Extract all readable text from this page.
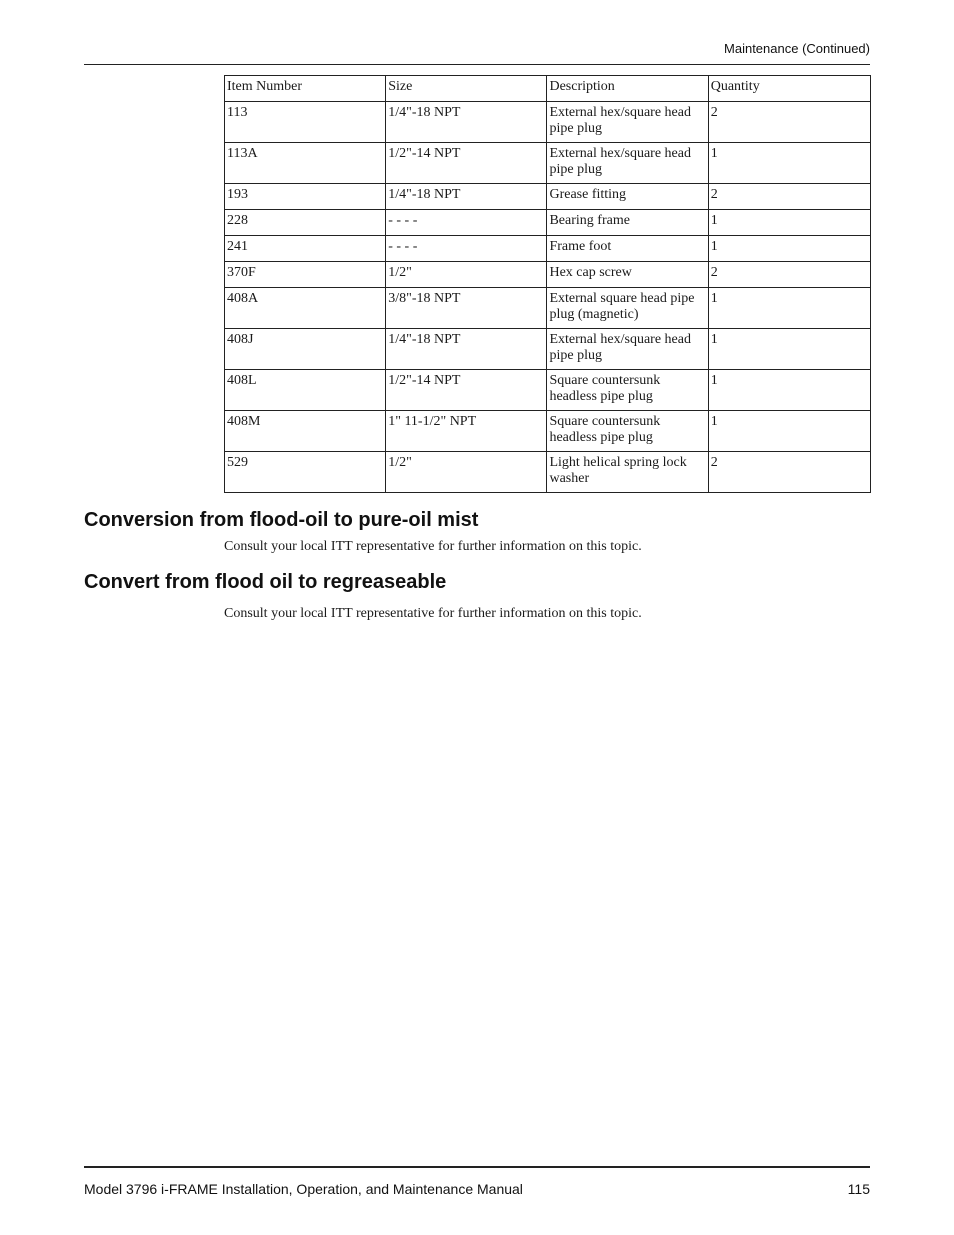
Maintenance (Continued)
Item Number	Size	Description	Quantity
113	1/4"-18 NPT	External hex/square head pipe plug	2
113A	1/2"-14 NPT	External hex/square head pipe plug	1
193	1/4"-18 NPT	Grease fitting	2
228	- - - -	Bearing frame	1
241	- - - -	Frame foot	1
370F	1/2"	Hex cap screw	2
408A	3/8"-18 NPT	External square head pipe plug (magnetic)	1
408J	1/4"-18 NPT	External hex/square head pipe plug	1
408L	1/2"-14 NPT	Square countersunk headless pipe plug	1
408M	1" 11-1/2" NPT	Square countersunk headless pipe plug	1
529	1/2"	Light helical spring lock washer	2
Conversion from flood-oil to pure-oil mist

Consult your local ITT representative for further information on this topic.

Convert from flood oil to regreaseable

Consult your local ITT representative for further information on this topic.

Model 3796 i-FRAME Installation, Operation, and Maintenance Manual	115
